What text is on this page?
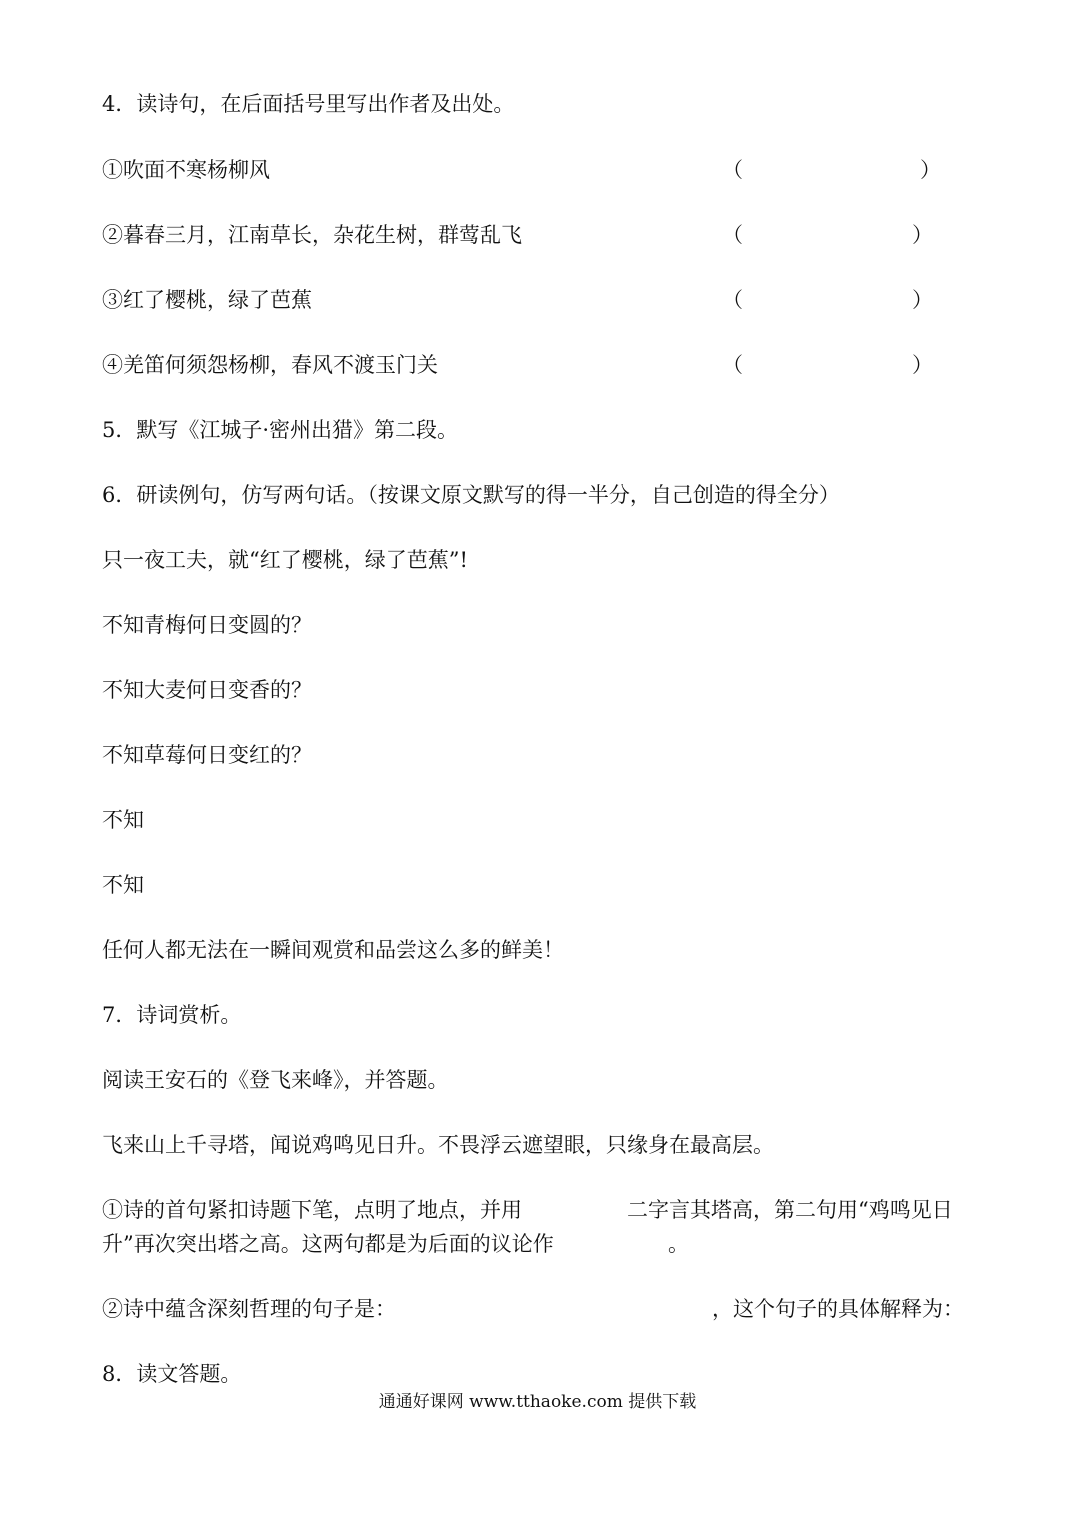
4．读诗句，在后面括号里写出作者及出处。
①吹面不寒杨柳风	（	）
②暮春三月，江南草长，杂花生树，群莺乱飞	（	）
③红了樱桃，绿了芭蕉	（	）
④羌笛何须怨杨柳，春风不渡玉门关	（	）
5．默写《江城子·密州出猎》第二段。
6．研读例句，仿写两句话。（按课文原文默写的得一半分，自己创造的得全分）
只一夜工夫，就“红了樱桃，绿了芭蕉”!
不知青梅何日变圆的？
不知大麦何日变香的？
不知草莓何日变红的？
不知
不知
任何人都无法在一瞬间观赏和品尝这么多的鲜美！
7．诗词赏析。
阅读王安石的《登飞来峰》，并答题。
飞来山上千寻塔，闻说鸡鸣见日升。不畏浮云遮望眼，只缘身在最高层。
①诗的首句紧扣诗题下笔，点明了地点，并用	二字言其塔高，第二句用“鸡鸣见日
升”再次突出塔之高。这两句都是为后面的议论作	。
②诗中蕴含深刻哲理的句子是：	，这个句子的具体解释为：
8．读文答题。
通通好课网 www.tthaoke.com 提供下载
